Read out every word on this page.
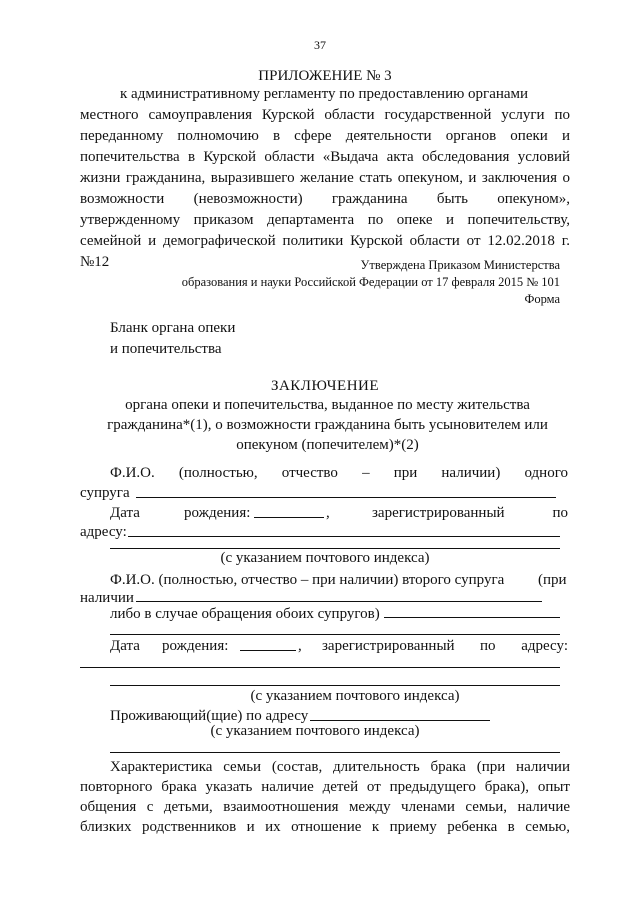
37
ПРИЛОЖЕНИЕ № 3
к административному регламенту по предоставлению органами
местного самоуправления Курской области государственной услуги по
переданному полномочию в сфере деятельности органов опеки и
попечительства в Курской области «Выдача акта обследования условий
жизни гражданина, выразившего желание стать опекуном, и заключения о
возможности (невозможности) гражданина быть опекуном»,
утвержденному приказом департамента по опеке и попечительству,
семейной и демографической политики Курской области от 12.02.2018 г.
№12	Утверждена Приказом Министерства
образования и науки Российской Федерации от 17 февраля 2015 № 101
Форма
Бланк органа опеки
и попечительства
ЗАКЛЮЧЕНИЕ
органа опеки и попечительства, выданное по месту жительства
гражданина*(1), о возможности гражданина быть усыновителем или
опекуном (попечителем)*(2)
Ф.И.О. (полностью, отчество – при наличии) одного
супруга
Дата	рождения:	,	зарегистрированный	по
адресу:
(с указанием почтового индекса)
Ф.И.О. (полностью, отчество – при наличии) второго супруга (при
наличии
либо в случае обращения обоих супругов)
Дата рождения:	, зарегистрированный по адресу:
(с указанием почтового индекса)
Проживающий(щие) по адресу
(с указанием почтового индекса)
Характеристика семьи (состав, длительность брака (при наличии
повторного брака указать наличие детей от предыдущего брака), опыт
общения с детьми, взаимоотношения между членами семьи, наличие
близких родственников и их отношение к приему ребенка в семью,
